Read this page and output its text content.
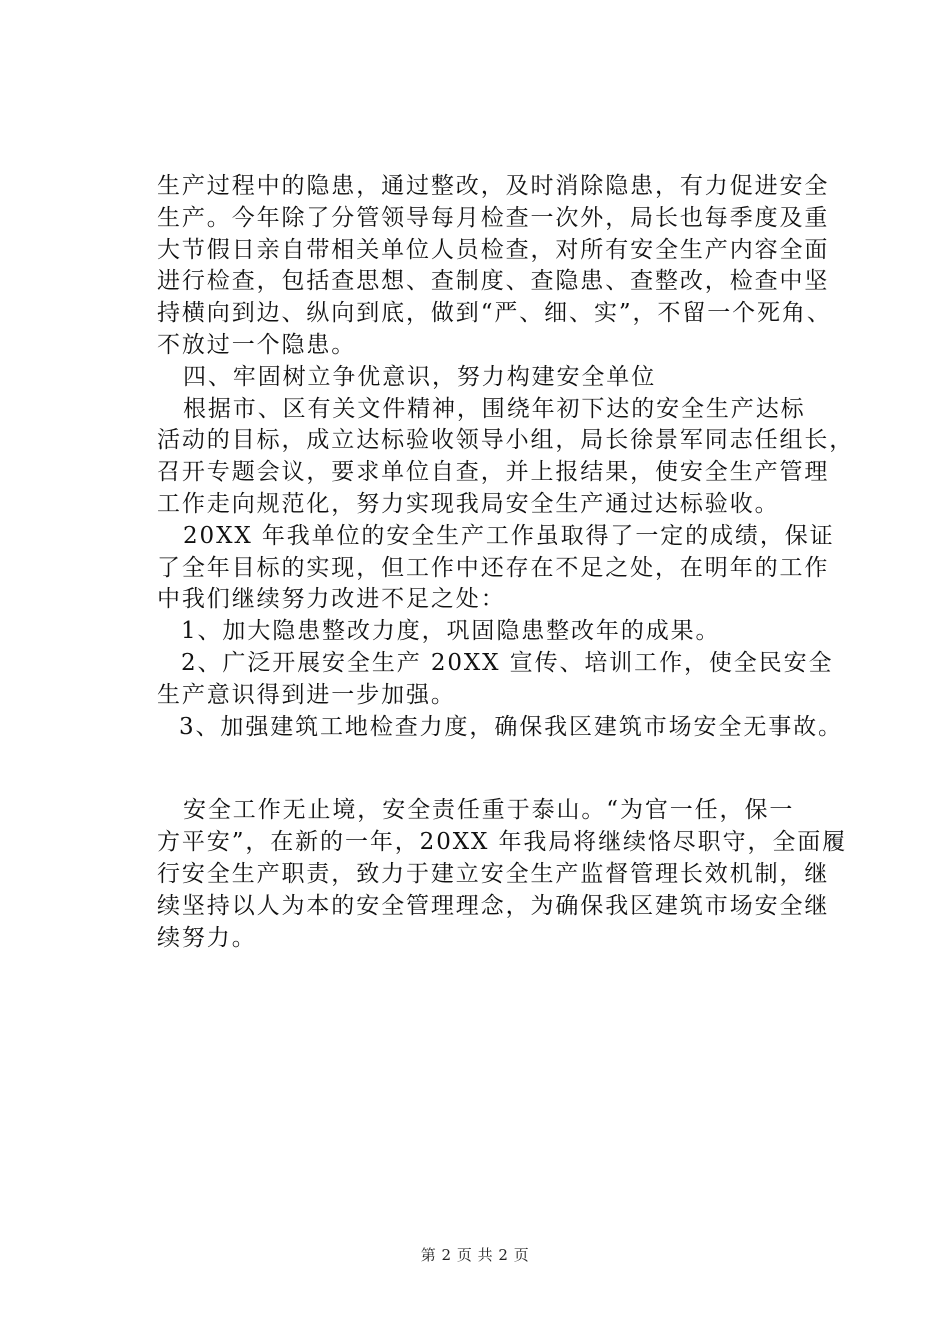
生产过程中的隐患，通过整改，及时消除隐患，有力促进安全
生产。今年除了分管领导每月检查一次外，局长也每季度及重
大节假日亲自带相关单位人员检查，对所有安全生产内容全面
进行检查，包括查思想、查制度、查隐患、查整改，检查中坚
持横向到边、纵向到底，做到“严、细、实”，不留一个死角、
不放过一个隐患。
四、牢固树立争优意识，努力构建安全单位
根据市、区有关文件精神，围绕年初下达的安全生产达标
活动的目标，成立达标验收领导小组，局长徐景军同志任组长，
召开专题会议，要求单位自查，并上报结果，使安全生产管理
工作走向规范化，努力实现我局安全生产通过达标验收。
20XX 年我单位的安全生产工作虽取得了一定的成绩，保证
了全年目标的实现，但工作中还存在不足之处，在明年的工作
中我们继续努力改进不足之处：
1、加大隐患整改力度，巩固隐患整改年的成果。
2、广泛开展安全生产 20XX 宣传、培训工作，使全民安全
生产意识得到进一步加强。
3、加强建筑工地检查力度，确保我区建筑市场安全无事故。
安全工作无止境，安全责任重于泰山。“为官一任，保一
方平安”，在新的一年，20XX 年我局将继续恪尽职守，全面履
行安全生产职责，致力于建立安全生产监督管理长效机制，继
续坚持以人为本的安全管理理念，为确保我区建筑市场安全继
续努力。
第 2 页 共 2 页
